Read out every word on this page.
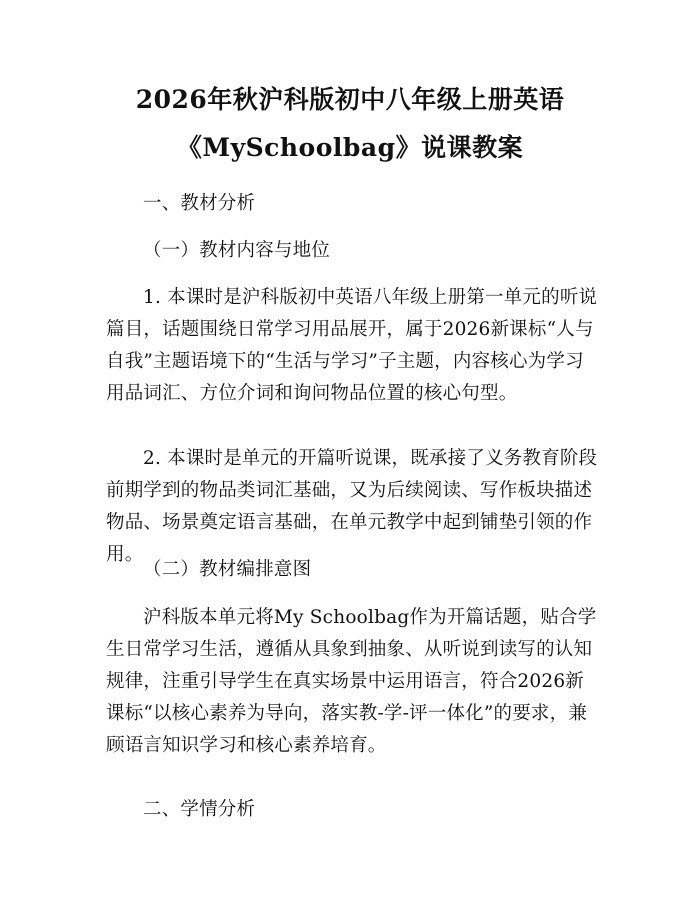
2026年秋沪科版初中八年级上册英语
《MySchoolbag》说课教案

一、教材分析

（一）教材内容与地位

1. 本课时是沪科版初中英语八年级上册第一单元的听说篇目，话题围绕日常学习用品展开，属于2026新课标“人与自我”主题语境下的“生活与学习”子主题，内容核心为学习用品词汇、方位介词和询问物品位置的核心句型。

2. 本课时是单元的开篇听说课，既承接了义务教育阶段前期学到的物品类词汇基础，又为后续阅读、写作板块描述物品、场景奠定语言基础，在单元教学中起到铺垫引领的作用。

（二）教材编排意图

沪科版本单元将My Schoolbag作为开篇话题，贴合学生日常学习生活，遵循从具象到抽象、从听说到读写的认知规律，注重引导学生在真实场景中运用语言，符合2026新课标“以核心素养为导向，落实教-学-评一体化”的要求，兼顾语言知识学习和核心素养培育。

二、学情分析
